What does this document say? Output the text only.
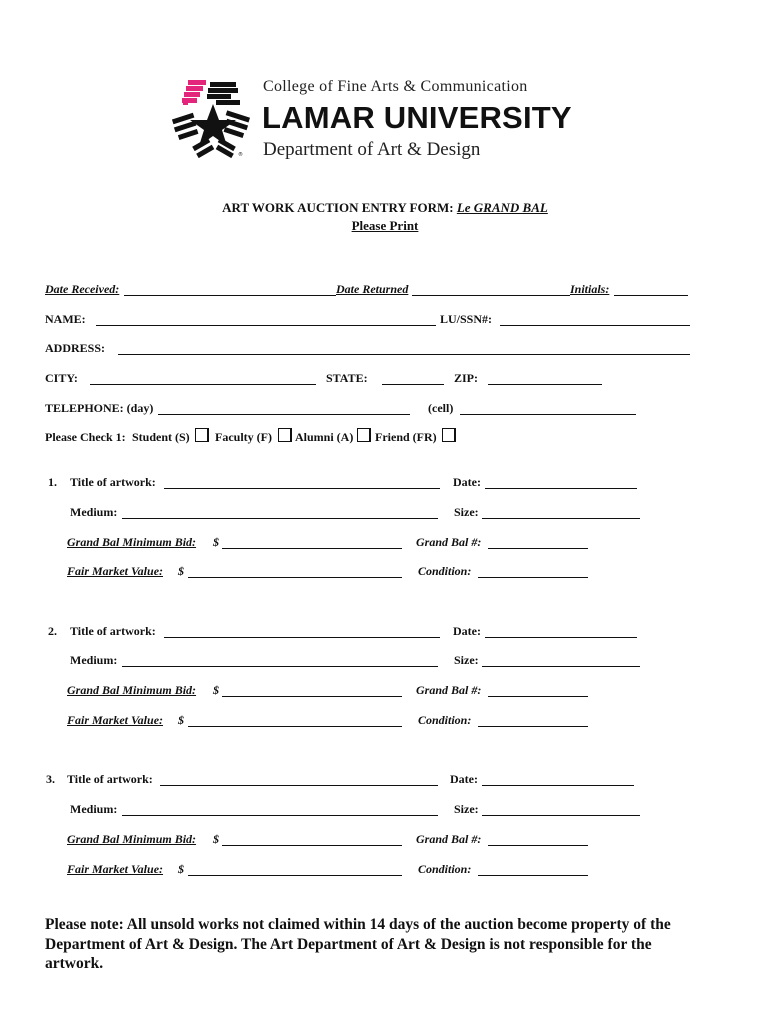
®
College of Fine Arts & Communication
LAMAR UNIVERSITY
Department of Art & Design
ART WORK AUCTION ENTRY FORM: Le GRAND BAL
Please Print
Date Received:	Date Returned	Initials:
NAME:	LU/SSN#:
ADDRESS:
CITY:	STATE:	ZIP:
TELEPHONE: (day)	(cell)
Please Check 1: Student (S) Faculty (F) Alumni (A) Friend (FR)
1. Title of artwork:	Date:
Medium:	Size:
Grand Bal Minimum Bid: $	Grand Bal #:
Fair Market Value: $	Condition:
2. Title of artwork:	Date:
Medium:	Size:
Grand Bal Minimum Bid: $	Grand Bal #:
Fair Market Value: $	Condition:
3. Title of artwork:	Date:
Medium:	Size:
Grand Bal Minimum Bid: $	Grand Bal #:
Fair Market Value: $	Condition:
Please note: All unsold works not claimed within 14 days of the auction become property of the
Department of Art & Design. The Art Department of Art & Design is not responsible for the
artwork.
